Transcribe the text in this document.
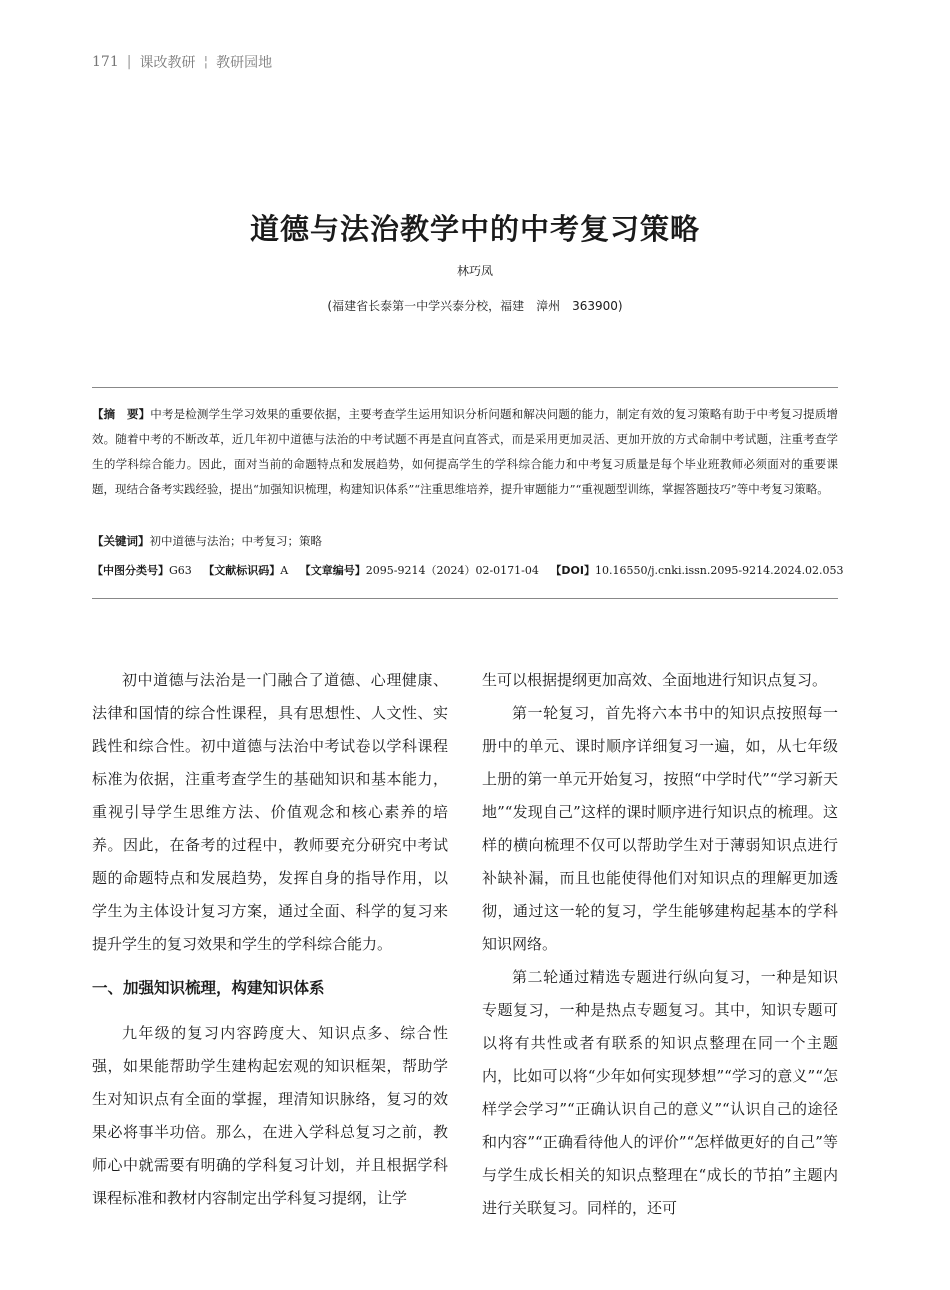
171 | 课改教研 ¦ 教研园地
道德与法治教学中的中考复习策略
林巧凤
(福建省长泰第一中学兴泰分校，福建　漳州　363900)
【摘　要】中考是检测学生学习效果的重要依据，主要考查学生运用知识分析问题和解决问题的能力，制定有效的复习策略有助于中考复习提质增效。随着中考的不断改革，近几年初中道德与法治的中考试题不再是直问直答式，而是采用更加灵活、更加开放的方式命制中考试题，注重考查学生的学科综合能力。因此，面对当前的命题特点和发展趋势，如何提高学生的学科综合能力和中考复习质量是每个毕业班教师必须面对的重要课题，现结合备考实践经验，提出“加强知识梳理，构建知识体系”“注重思维培养，提升审题能力”“重视题型训练，掌握答题技巧”等中考复习策略。
【关键词】初中道德与法治；中考复习；策略
【中图分类号】G63 【文献标识码】A 【文章编号】2095-9214（2024）02-0171-04 【DOI】10.16550/j.cnki.issn.2095-9214.2024.02.053

初中道德与法治是一门融合了道德、心理健康、法律和国情的综合性课程，具有思想性、人文性、实践性和综合性。初中道德与法治中考试卷以学科课程标准为依据，注重考查学生的基础知识和基本能力，重视引导学生思维方法、价值观念和核心素养的培养。因此，在备考的过程中，教师要充分研究中考试题的命题特点和发展趋势，发挥自身的指导作用，以学生为主体设计复习方案，通过全面、科学的复习来提升学生的复习效果和学生的学科综合能力。

一、加强知识梳理，构建知识体系

九年级的复习内容跨度大、知识点多、综合性强，如果能帮助学生建构起宏观的知识框架，帮助学生对知识点有全面的掌握，理清知识脉络，复习的效果必将事半功倍。那么，在进入学科总复习之前，教师心中就需要有明确的学科复习计划，并且根据学科课程标准和教材内容制定出学科复习提纲，让学

生可以根据提纲更加高效、全面地进行知识点复习。

第一轮复习，首先将六本书中的知识点按照每一册中的单元、课时顺序详细复习一遍，如，从七年级上册的第一单元开始复习，按照“中学时代”“学习新天地”“发现自己”这样的课时顺序进行知识点的梳理。这样的横向梳理不仅可以帮助学生对于薄弱知识点进行补缺补漏，而且也能使得他们对知识点的理解更加透彻，通过这一轮的复习，学生能够建构起基本的学科知识网络。

第二轮通过精选专题进行纵向复习，一种是知识专题复习，一种是热点专题复习。其中，知识专题可以将有共性或者有联系的知识点整理在同一个主题内，比如可以将“少年如何实现梦想”“学习的意义”“怎样学会学习”“正确认识自己的意义”“认识自己的途径和内容”“正确看待他人的评价”“怎样做更好的自己”等与学生成长相关的知识点整理在“成长的节拍”主题内进行关联复习。同样的，还可
